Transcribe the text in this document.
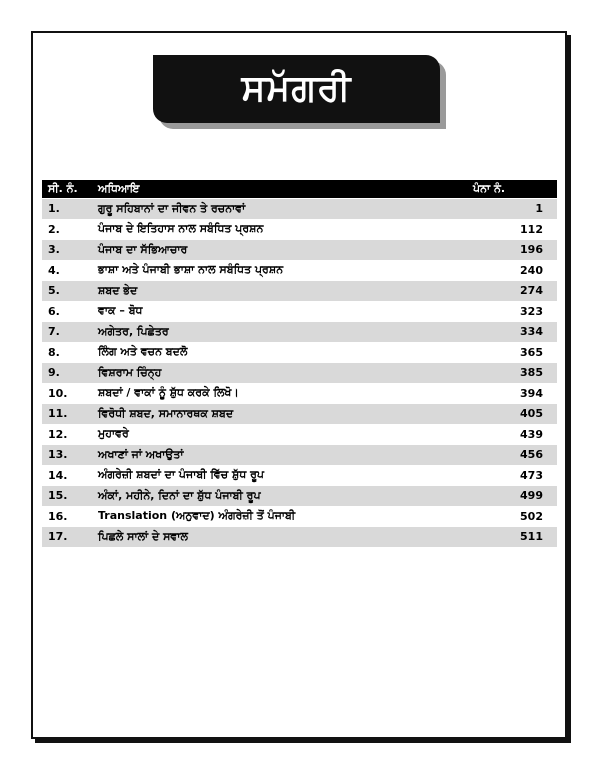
ਸਮੱਗਰੀ
ਸੀ. ਨੰ.	ਅਧਿਆਇ	ਪੰਨਾ ਨੰ.
1.	ਗੁਰੂ ਸਹਿਬਾਨਾਂ ਦਾ ਜੀਵਨ ਤੇ ਰਚਨਾਵਾਂ	1
2.	ਪੰਜਾਬ ਦੇ ਇਤਿਹਾਸ ਨਾਲ ਸਬੰਧਿਤ ਪ੍ਰਸ਼ਨ	112
3.	ਪੰਜਾਬ ਦਾ ਸੱਭਿਆਚਾਰ	196
4.	ਭਾਸ਼ਾ ਅਤੇ ਪੰਜਾਬੀ ਭਾਸ਼ਾ ਨਾਲ ਸਬੰਧਿਤ ਪ੍ਰਸ਼ਨ	240
5.	ਸ਼ਬਦ ਭੇਦ	274
6.	ਵਾਕ – ਬੋਧ	323
7.	ਅਗੇਤਰ, ਪਿਛੇਤਰ	334
8.	ਲਿੰਗ ਅਤੇ ਵਚਨ ਬਦਲੋ	365
9.	ਵਿਸ਼ਰਾਮ ਚਿੰਨ੍ਹ	385
10.	ਸ਼ਬਦਾਂ / ਵਾਕਾਂ ਨੂੰ ਸ਼ੁੱਧ ਕਰਕੇ ਲਿਖੋ।	394
11.	ਵਿਰੋਧੀ ਸ਼ਬਦ, ਸਮਾਨਾਰਥਕ ਸ਼ਬਦ	405
12.	ਮੁਹਾਵਰੇ	439
13.	ਅਖਾਣਾਂ ਜਾਂ ਅਖਾਉਤਾਂ	456
14.	ਅੰਗਰੇਜ਼ੀ ਸ਼ਬਦਾਂ ਦਾ ਪੰਜਾਬੀ ਵਿੱਚ ਸ਼ੁੱਧ ਰੂਪ	473
15.	ਅੰਕਾਂ, ਮਹੀਨੇ, ਦਿਨਾਂ ਦਾ ਸ਼ੁੱਧ ਪੰਜਾਬੀ ਰੂਪ	499
16.	Translation (ਅਨੁਵਾਦ) ਅੰਗਰੇਜ਼ੀ ਤੋਂ ਪੰਜਾਬੀ	502
17.	ਪਿਛਲੇ ਸਾਲਾਂ ਦੇ ਸਵਾਲ	511
